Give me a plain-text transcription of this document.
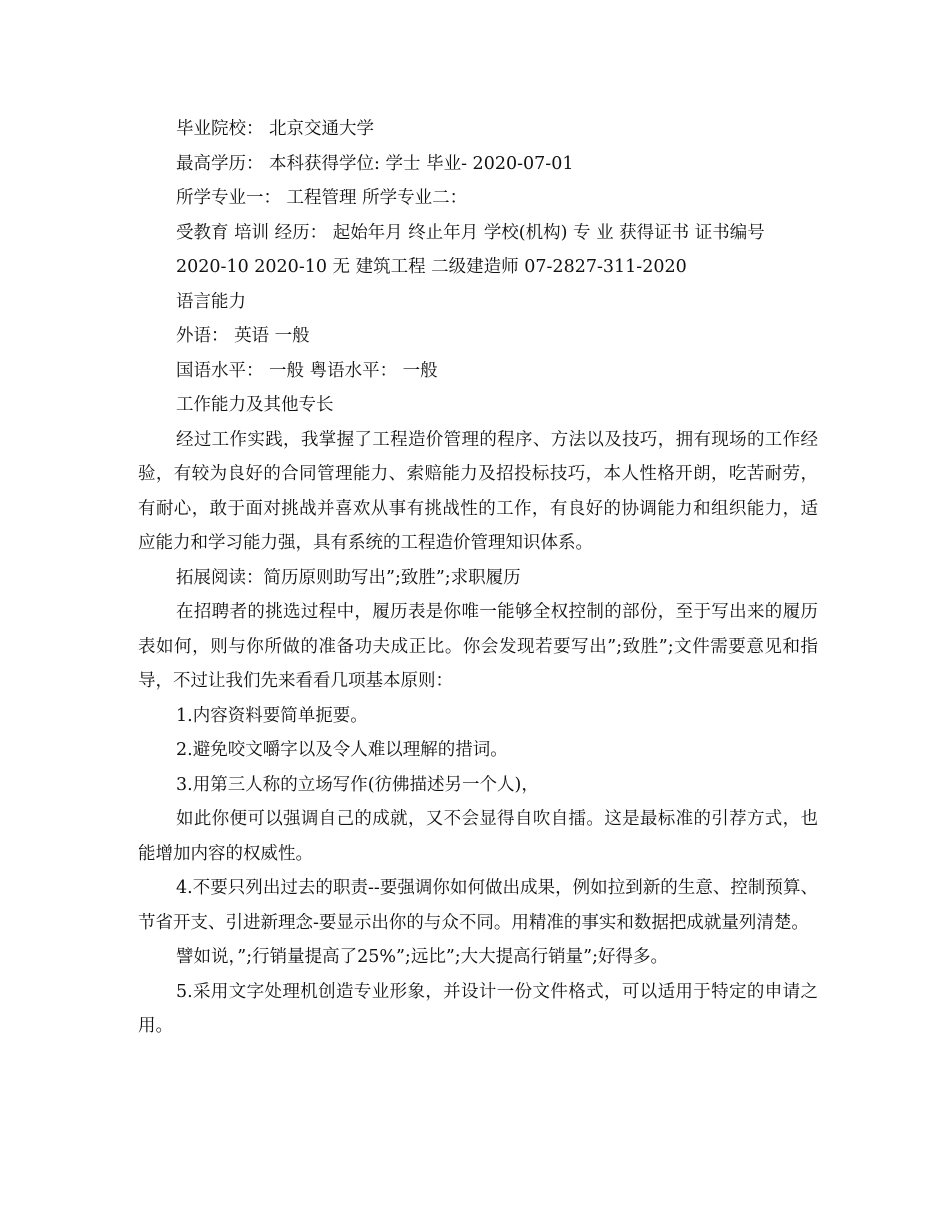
毕业院校： 北京交通大学

最高学历： 本科获得学位: 学士 毕业- 2020-07-01

所学专业一： 工程管理 所学专业二：

受教育 培训 经历： 起始年月 终止年月 学校(机构) 专 业 获得证书 证书编号

2020-10 2020-10 无 建筑工程 二级建造师 07-2827-311-2020

语言能力

外语： 英语 一般

国语水平： 一般 粤语水平： 一般

工作能力及其他专长

经过工作实践，我掌握了工程造价管理的程序、方法以及技巧，拥有现场的工作经验，有较为良好的合同管理能力、索赔能力及招投标技巧，本人性格开朗，吃苦耐劳，有耐心，敢于面对挑战并喜欢从事有挑战性的工作，有良好的协调能力和组织能力，适应能力和学习能力强，具有系统的工程造价管理知识体系。

拓展阅读：简历原则助写出”;致胜”;求职履历

在招聘者的挑选过程中，履历表是你唯一能够全权控制的部份，至于写出来的履历表如何，则与你所做的准备功夫成正比。你会发现若要写出”;致胜”;文件需要意见和指导，不过让我们先来看看几项基本原则：

1.内容资料要简单扼要。

2.避免咬文嚼字以及令人难以理解的措词。

3.用第三人称的立场写作(彷佛描述另一个人)，

如此你便可以强调自己的成就，又不会显得自吹自擂。这是最标准的引荐方式，也能增加内容的权威性。

4.不要只列出过去的职责--要强调你如何做出成果，例如拉到新的生意、控制预算、节省开支、引进新理念-要显示出你的与众不同。用精准的事实和数据把成就量列清楚。

譬如说，”;行销量提高了25%”;远比”;大大提高行销量”;好得多。

5.采用文字处理机创造专业形象，并设计一份文件格式，可以适用于特定的申请之用。
